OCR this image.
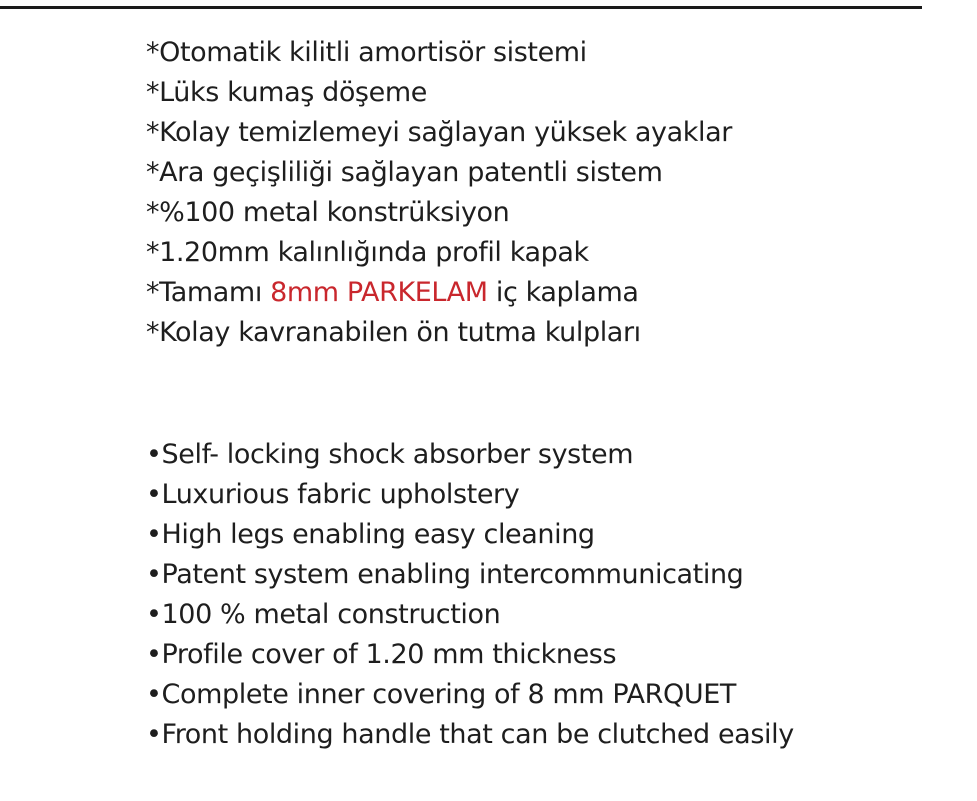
*Otomatik kilitli amortisör sistemi
*Lüks kumaş döşeme
*Kolay temizlemeyi sağlayan yüksek ayaklar
*Ara geçişliliği sağlayan patentli sistem
*%100 metal konstrüksiyon
*1.20mm kalınlığında profil kapak
*Tamamı 8mm PARKELAM iç kaplama
*Kolay kavranabilen ön tutma kulpları
•Self- locking shock absorber system
•Luxurious fabric upholstery
•High legs enabling easy cleaning
•Patent system enabling intercommunicating
•100 % metal construction
•Profile cover of 1.20 mm thickness
•Complete inner covering of 8 mm PARQUET
•Front holding handle that can be clutched easily
